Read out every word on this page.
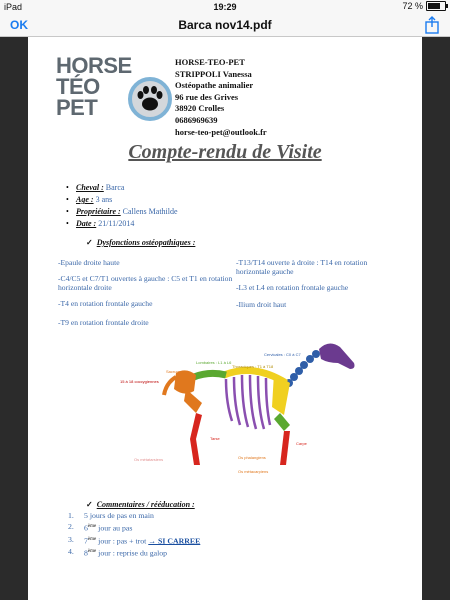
iPad	19:29	72 %
OK	Barca nov14.pdf
HORSE
TÉO
PET
HORSE-TEO-PET
STRIPPOLI Vanessa
Ostéopathe animalier
96 rue des Grives
38920 Crolles
0686969639
horse-teo-pet@outlook.fr
Compte-rendu de Visite
• Cheval : Barca
• Age : 3 ans
• Propriétaire : Callens Mathilde
• Date : 21/11/2014
✓ Dysfonctions ostéopathiques :
-Epaule droite haute
-C4/C5 et C7/T1 ouvertes à gauche : C5 et T1 en rotation horizontale droite
-T4 en rotation frontale gauche
-T9 en rotation frontale droite
-T13/T14 ouverte à droite : T14 en rotation horizontale gauche
-L3 et L4 en rotation frontale gauche
-Ilium droit haut
Cervicales : C0 à C7
Thoraciques : T1 à T18
Lombaires : L1 à L6
Sacrum
15 à 18 coccygiennes
Tarse
Carpe
Os métatarsiens	Os phalangiens
Os métacarpiens
✓ Commentaires / rééducation :
1. 5 jours de pas en main
2. 6ème jour au pas
3. 7ème jour : pas + trot → SI CARREE
4. 8ème jour : reprise du galop
